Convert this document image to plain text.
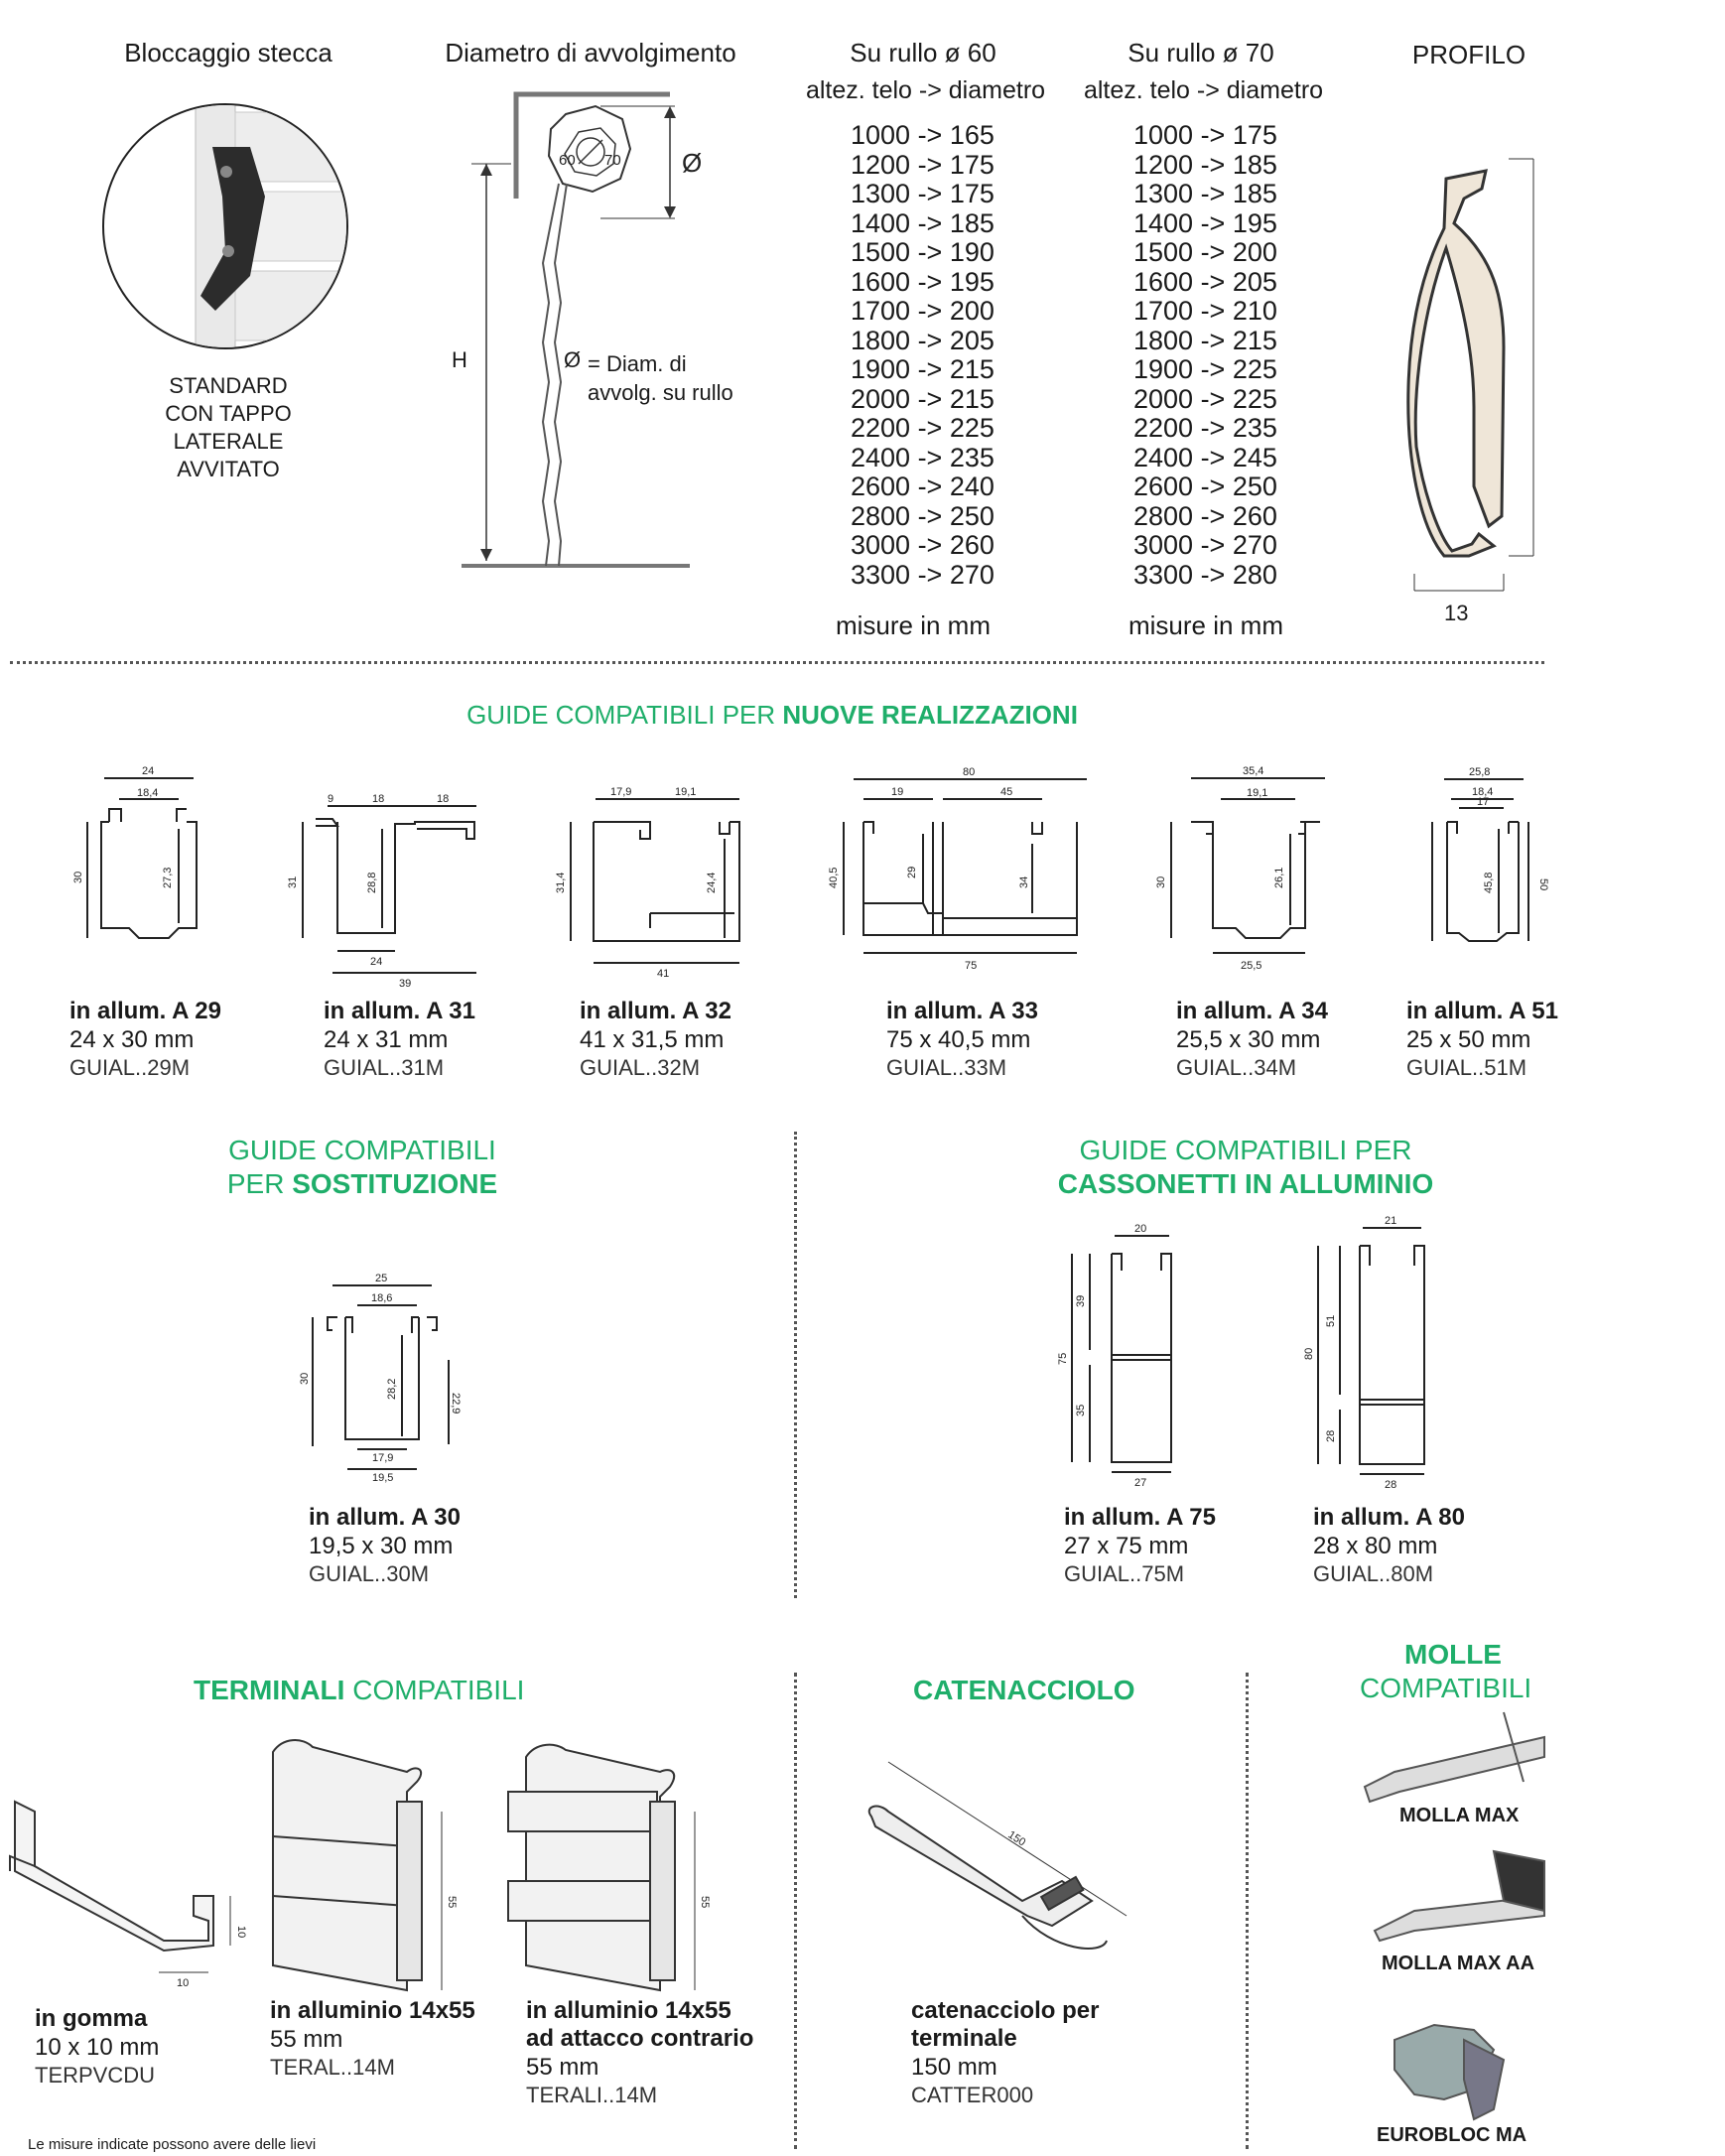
Bloccaggio stecca
STANDARD
CON TAPPO
LATERALE
AVVITATO
Diametro di avvolgimento
60 70 Ø
H	Ø = Diam. di
avvolg. su rullo
Su rullo ø 60
altez. telo -> diametro
1000 -> 165
1200 -> 175
1300 -> 175
1400 -> 185
1500 -> 190
1600 -> 195
1700 -> 200
1800 -> 205
1900 -> 215
2000 -> 215
2200 -> 225
2400 -> 235
2600 -> 240
2800 -> 250
3000 -> 260
3300 -> 270
misure in mm
Su rullo ø 70
altez. telo -> diametro
1000 -> 175
1200 -> 185
1300 -> 185
1400 -> 195
1500 -> 200
1600 -> 205
1700 -> 210
1800 -> 215
1900 -> 225
2000 -> 225
2200 -> 235
2400 -> 245
2600 -> 250
2800 -> 260
3000 -> 270
3300 -> 280
misure in mm
PROFILO
13
GUIDE COMPATIBILI PER NUOVE REALIZZAZIONI
24
18,4
30	27,3
9	18	18
24
39
31	28,8
17,9	19,1
41
31,4	24,4
80
19	45
75
40,5	29
34
35,4
19,1
25,5
30	26,1
25,8
18,4
17
45,8	50
in allum. A 29
24 x 30 mm
GUIAL..29M
in allum. A 31
24 x 31 mm
GUIAL..31M
in allum. A 32
41 x 31,5 mm
GUIAL..32M
in allum. A 33
75 x 40,5 mm
GUIAL..33M
in allum. A 34
25,5 x 30 mm
GUIAL..34M
in allum. A 51
25 x 50 mm
GUIAL..51M
GUIDE COMPATIBILI
PER SOSTITUZIONE
25
18,6
30	28,2
22,9
17,9
19,5
in allum. A 30
19,5 x 30 mm
GUIAL..30M
GUIDE COMPATIBILI PER
CASSONETTI IN ALLUMINIO
20
75
39
35
27
21
80
51
28
28
in allum. A 75
27 x 75 mm
GUIAL..75M
in allum. A 80
28 x 80 mm
GUIAL..80M
TERMINALI COMPATIBILI
10
10
55	55
in gomma
10 x 10 mm
TERPVCDU
in alluminio 14x55
55 mm
TERAL..14M
in alluminio 14x55
ad attacco contrario
55 mm
TERALI..14M
Le misure indicate possono avere delle lievi
CATENACCIOLO
150
catenacciolo per
terminale
150 mm
CATTER000
MOLLE
COMPATIBILI
MOLLA MAX
MOLLA MAX AA
EUROBLOC MA
